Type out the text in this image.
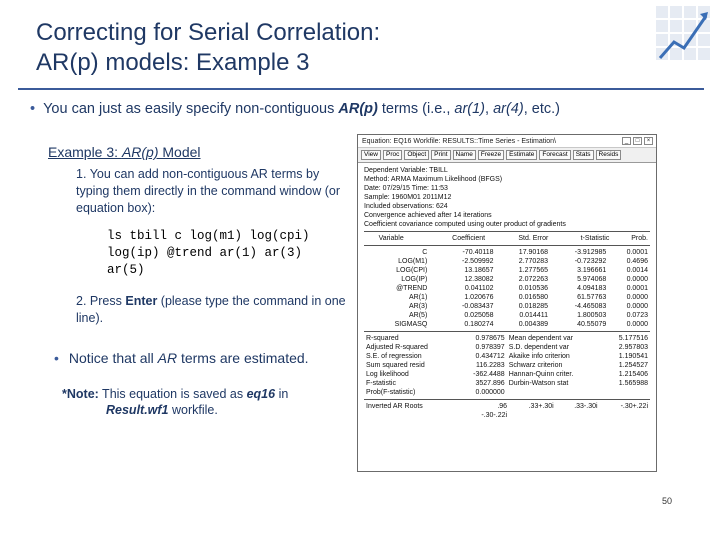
Correcting for Serial Correlation:
AR(p) models: Example 3
• You can just as easily specify non-contiguous AR(p) terms (i.e., ar(1), ar(4), etc.)
Example 3: AR(p) Model
1. You can add non-contiguous AR terms by typing them directly in the command window (or equation box):
ls tbill c log(m1) log(cpi)
log(ip) @trend ar(1) ar(3)
ar(5)
2. Press Enter (please type the command in one line).
• Notice that all AR terms are estimated.
*Note: This equation is saved as eq16 in
Result.wf1 workfile.
Equation: EQ16 Workfile: RESULTS::Time Series - Estimation\	_	□	×
View	Proc	Object	Print	Name	Freeze	Estimate	Forecast	Stats	Resids
Dependent Variable: TBILL
Method: ARMA Maximum Likelihood (BFGS)
Date: 07/29/15 Time: 11:53
Sample: 1960M01 2011M12
Included observations: 624
Convergence achieved after 14 iterations
Coefficient covariance computed using outer product of gradients
Variable	Coefficient	Std. Error	t-Statistic	Prob.
C	-70.40118	17.90168	-3.912985	0.0001
LOG(M1)	-2.509992	2.770283	-0.723292	0.4696
LOG(CPI)	13.18657	1.277565	3.196661	0.0014
LOG(IP)	12.38082	2.072263	5.974068	0.0000
@TREND	0.041102	0.010536	4.094183	0.0001
AR(1)	1.020676	0.016580	61.57763	0.0000
AR(3)	-0.083437	0.018285	-4.465083	0.0000
AR(5)	0.025058	0.014411	1.800503	0.0723
SIGMASQ	0.180274	0.004389	40.55079	0.0000
R-squared	0.978675	Mean dependent var	5.177516
Adjusted R-squared	0.978397	S.D. dependent var	2.957803
S.E. of regression	0.434712	Akaike info criterion	1.190541
Sum squared resid	116.2283	Schwarz criterion	1.254527
Log likelihood	-362.4488	Hannan-Quinn criter.	1.215406
F-statistic	3527.896	Durbin-Watson stat	1.565988
Prob(F-statistic)	0.000000		
Inverted AR Roots	.96	.33+.30i	.33-.30i	-.30+.22i
	-.30-.22i			
50
